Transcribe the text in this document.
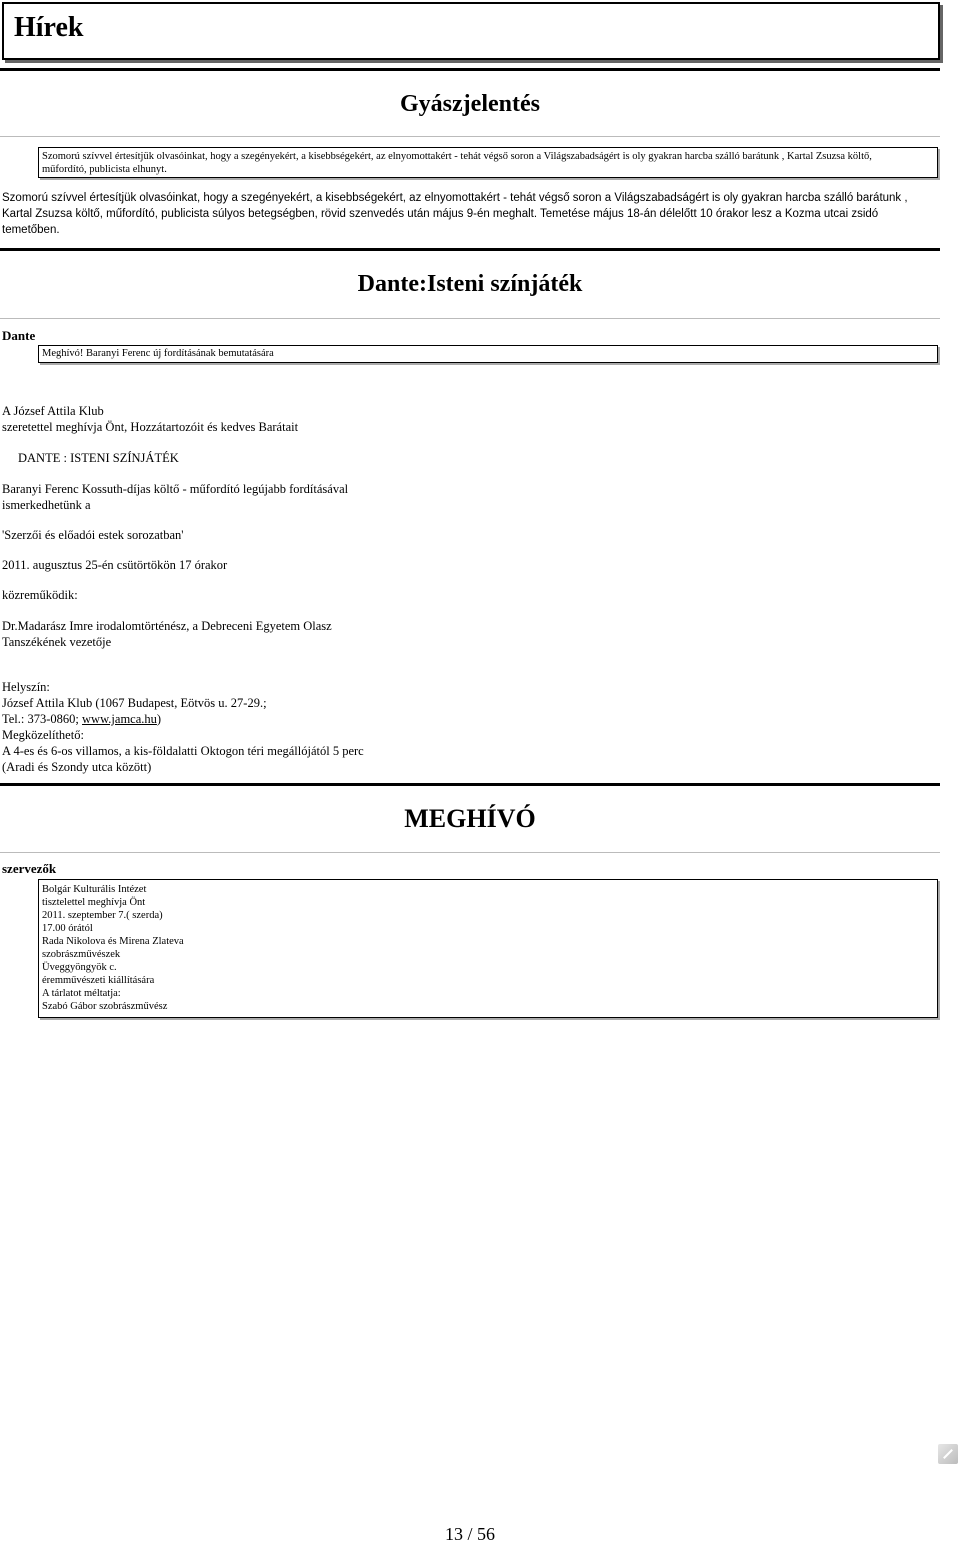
Hírek
Gyászjelentés
Szomorú szívvel értesítjük olvasóinkat, hogy a szegényekért, a kisebbségekért, az elnyomottakért - tehát végső soron a Világszabadságért is oly gyakran harcba szálló barátunk , Kartal Zsuzsa költő,
műfordító, publicista elhunyt.
Szomorú szívvel értesítjük olvasóinkat, hogy a szegényekért, a kisebbségekért, az elnyomottakért - tehát végső soron a Világszabadságért is oly gyakran harcba szálló barátunk ,
Kartal Zsuzsa költő, műfordító, publicista súlyos betegségben, rövid szenvedés után május 9-én meghalt. Temetése május 18-án délelőtt 10 órakor lesz a Kozma utcai zsidó
temetőben.
Dante:Isteni színjáték
Dante
Meghívó! Baranyi Ferenc új fordításának bemutatására
A József Attila Klub
szeretettel meghívja Önt, Hozzátartozóit és kedves Barátait
DANTE : ISTENI SZÍNJÁTÉK
Baranyi Ferenc Kossuth-díjas költő - műfordító legújabb fordításával
ismerkedhetünk a
'Szerzői és előadói estek sorozatban'
2011. augusztus 25-én csütörtökön 17 órakor
közreműködik:
Dr.Madarász Imre irodalomtörténész, a Debreceni Egyetem Olasz
Tanszékének vezetője
Helyszín:
József Attila Klub (1067 Budapest, Eötvös u. 27-29.;
Tel.: 373-0860; www.jamca.hu)
Megközelíthető:
A 4-es és 6-os villamos, a kis-földalatti Oktogon téri megállójától 5 perc
(Aradi és Szondy utca között)
MEGHÍVÓ
szervezők
Bolgár Kulturális Intézet
tisztelettel meghívja Önt
2011. szeptember 7.( szerda)
17.00 órától
Rada Nikolova és Mirena Zlateva
szobrászművészek
Üveggyöngyök c.
éremművészeti kiállítására
A tárlatot méltatja:
Szabó Gábor szobrászművész
13 / 56
